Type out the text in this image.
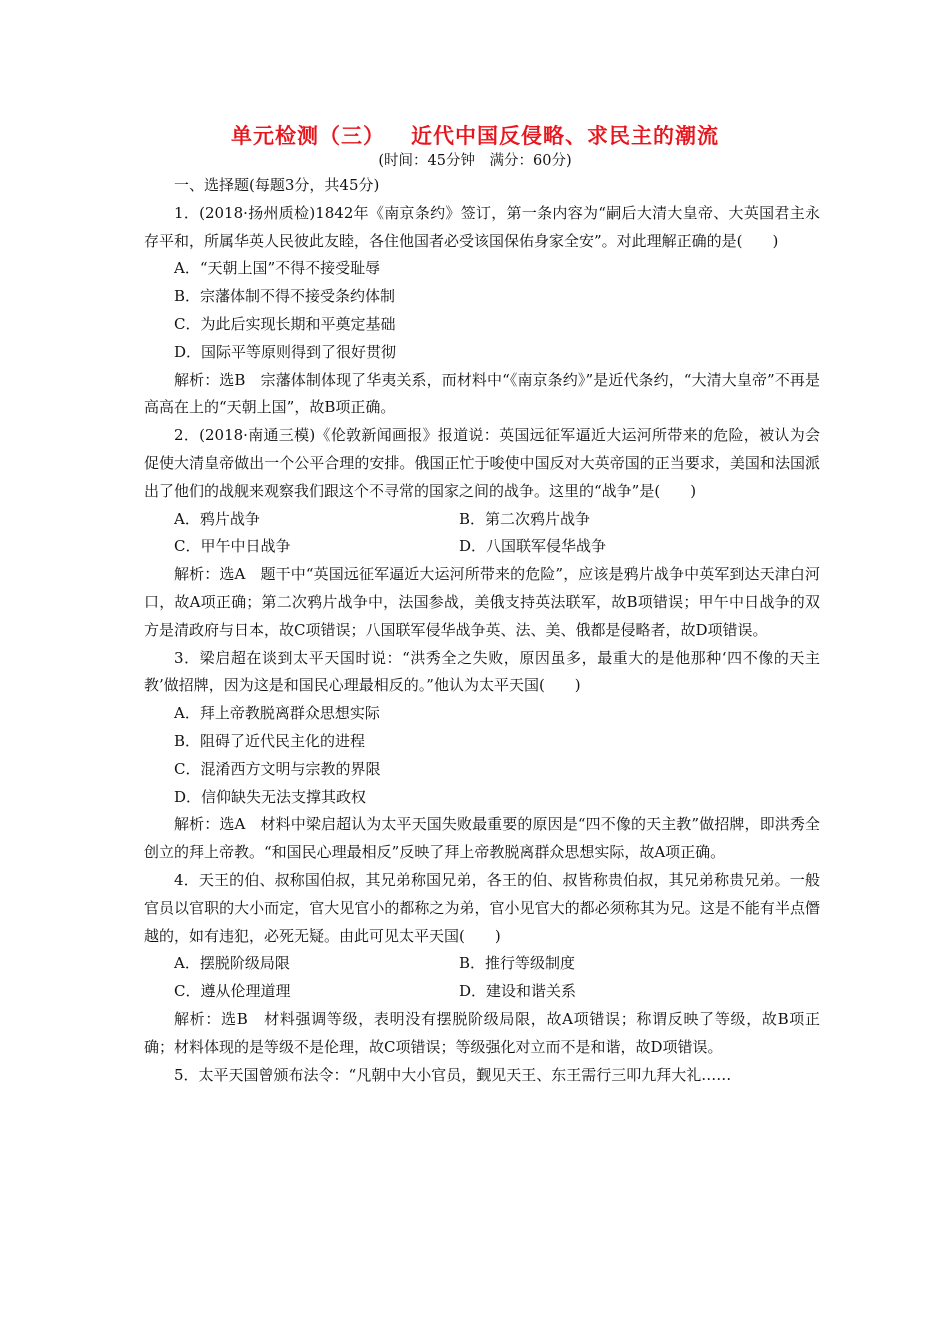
单元检测（三） 近代中国反侵略、求民主的潮流
(时间：45分钟　满分：60分)

一、选择题(每题3分，共45分)

1．(2018·扬州质检)1842年《南京条约》签订，第一条内容为“嗣后大清大皇帝、大英国君主永存平和，所属华英人民彼此友睦，各住他国者必受该国保佑身家全安”。对此理解正确的是(　　)

A．“天朝上国”不得不接受耻辱

B．宗藩体制不得不接受条约体制

C．为此后实现长期和平奠定基础

D．国际平等原则得到了很好贯彻

解析：选B　宗藩体制体现了华夷关系，而材料中“《南京条约》”是近代条约，“大清大皇帝”不再是高高在上的“天朝上国”，故B项正确。

2．(2018·南通三模)《伦敦新闻画报》报道说：英国远征军逼近大运河所带来的危险，被认为会促使大清皇帝做出一个公平合理的安排。俄国正忙于唆使中国反对大英帝国的正当要求，美国和法国派出了他们的战舰来观察我们跟这个不寻常的国家之间的战争。这里的“战争”是(　　)

A．鸦片战争	B．第二次鸦片战争
C．甲午中日战争	D．八国联军侵华战争

解析：选A　题干中“英国远征军逼近大运河所带来的危险”，应该是鸦片战争中英军到达天津白河口，故A项正确；第二次鸦片战争中，法国参战，美俄支持英法联军，故B项错误；甲午中日战争的双方是清政府与日本，故C项错误；八国联军侵华战争英、法、美、俄都是侵略者，故D项错误。

3．梁启超在谈到太平天国时说：“洪秀全之失败，原因虽多，最重大的是他那种‘四不像的天主教’做招牌，因为这是和国民心理最相反的。”他认为太平天国(　　)

A．拜上帝教脱离群众思想实际

B．阻碍了近代民主化的进程

C．混淆西方文明与宗教的界限

D．信仰缺失无法支撑其政权

解析：选A　材料中梁启超认为太平天国失败最重要的原因是“四不像的天主教”做招牌，即洪秀全创立的拜上帝教。“和国民心理最相反”反映了拜上帝教脱离群众思想实际，故A项正确。

4．天王的伯、叔称国伯叔，其兄弟称国兄弟，各王的伯、叔皆称贵伯叔，其兄弟称贵兄弟。一般官员以官职的大小而定，官大见官小的都称之为弟，官小见官大的都必须称其为兄。这是不能有半点僭越的，如有违犯，必死无疑。由此可见太平天国(　　)

A．摆脱阶级局限	B．推行等级制度
C．遵从伦理道理	D．建设和谐关系

解析：选B　材料强调等级，表明没有摆脱阶级局限，故A项错误；称谓反映了等级，故B项正确；材料体现的是等级不是伦理，故C项错误；等级强化对立而不是和谐，故D项错误。

5．太平天国曾颁布法令：“凡朝中大小官员，觐见天王、东王需行三叩九拜大礼……
